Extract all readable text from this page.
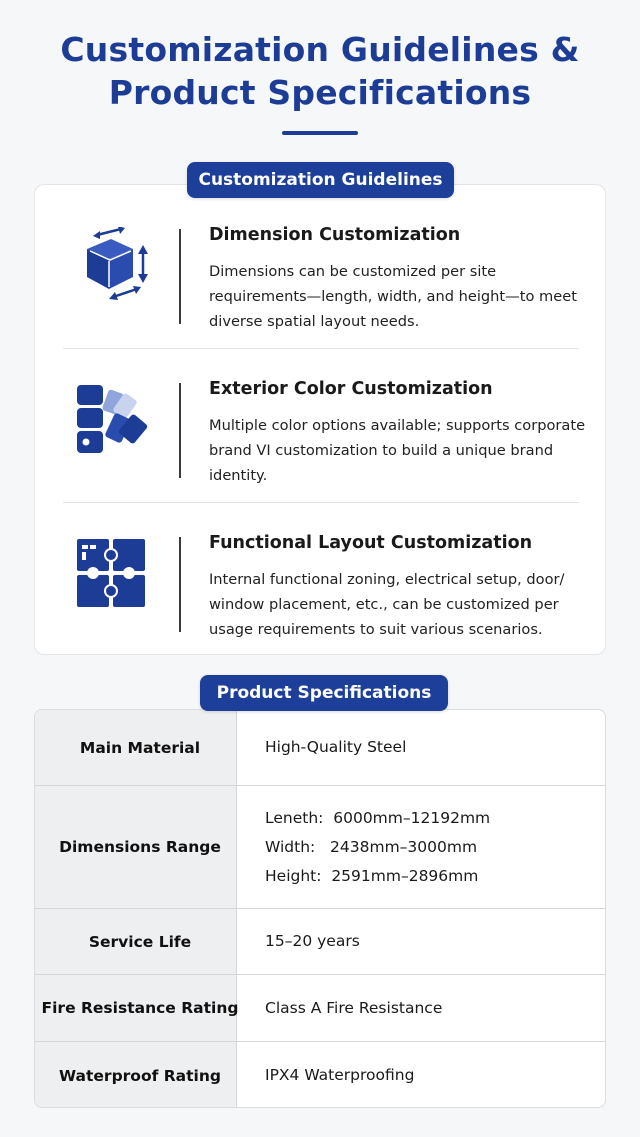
Customization Guidelines &
Product Specifications
Customization Guidelines
Dimension Customization
Dimensions can be customized per site requirements—length, width, and height—to meet diverse spatial layout needs.
Exterior Color Customization
Multiple color options available; supports corporate brand VI customization to build a unique brand identity.
Functional Layout Customization
Internal functional zoning, electrical setup, door/ window placement, etc., can be customized per usage requirements to suit various scenarios.
Product Specifications
Main Material	High-Quality Steel
Dimensions Range
Leneth:  6000mm–12192mm
Width:   2438mm–3000mm
Height:  2591mm–2896mm
Service Life	15–20 years
Fire Resistance Rating	Class A Fire Resistance
Waterproof Rating	IPX4 Waterproofing
